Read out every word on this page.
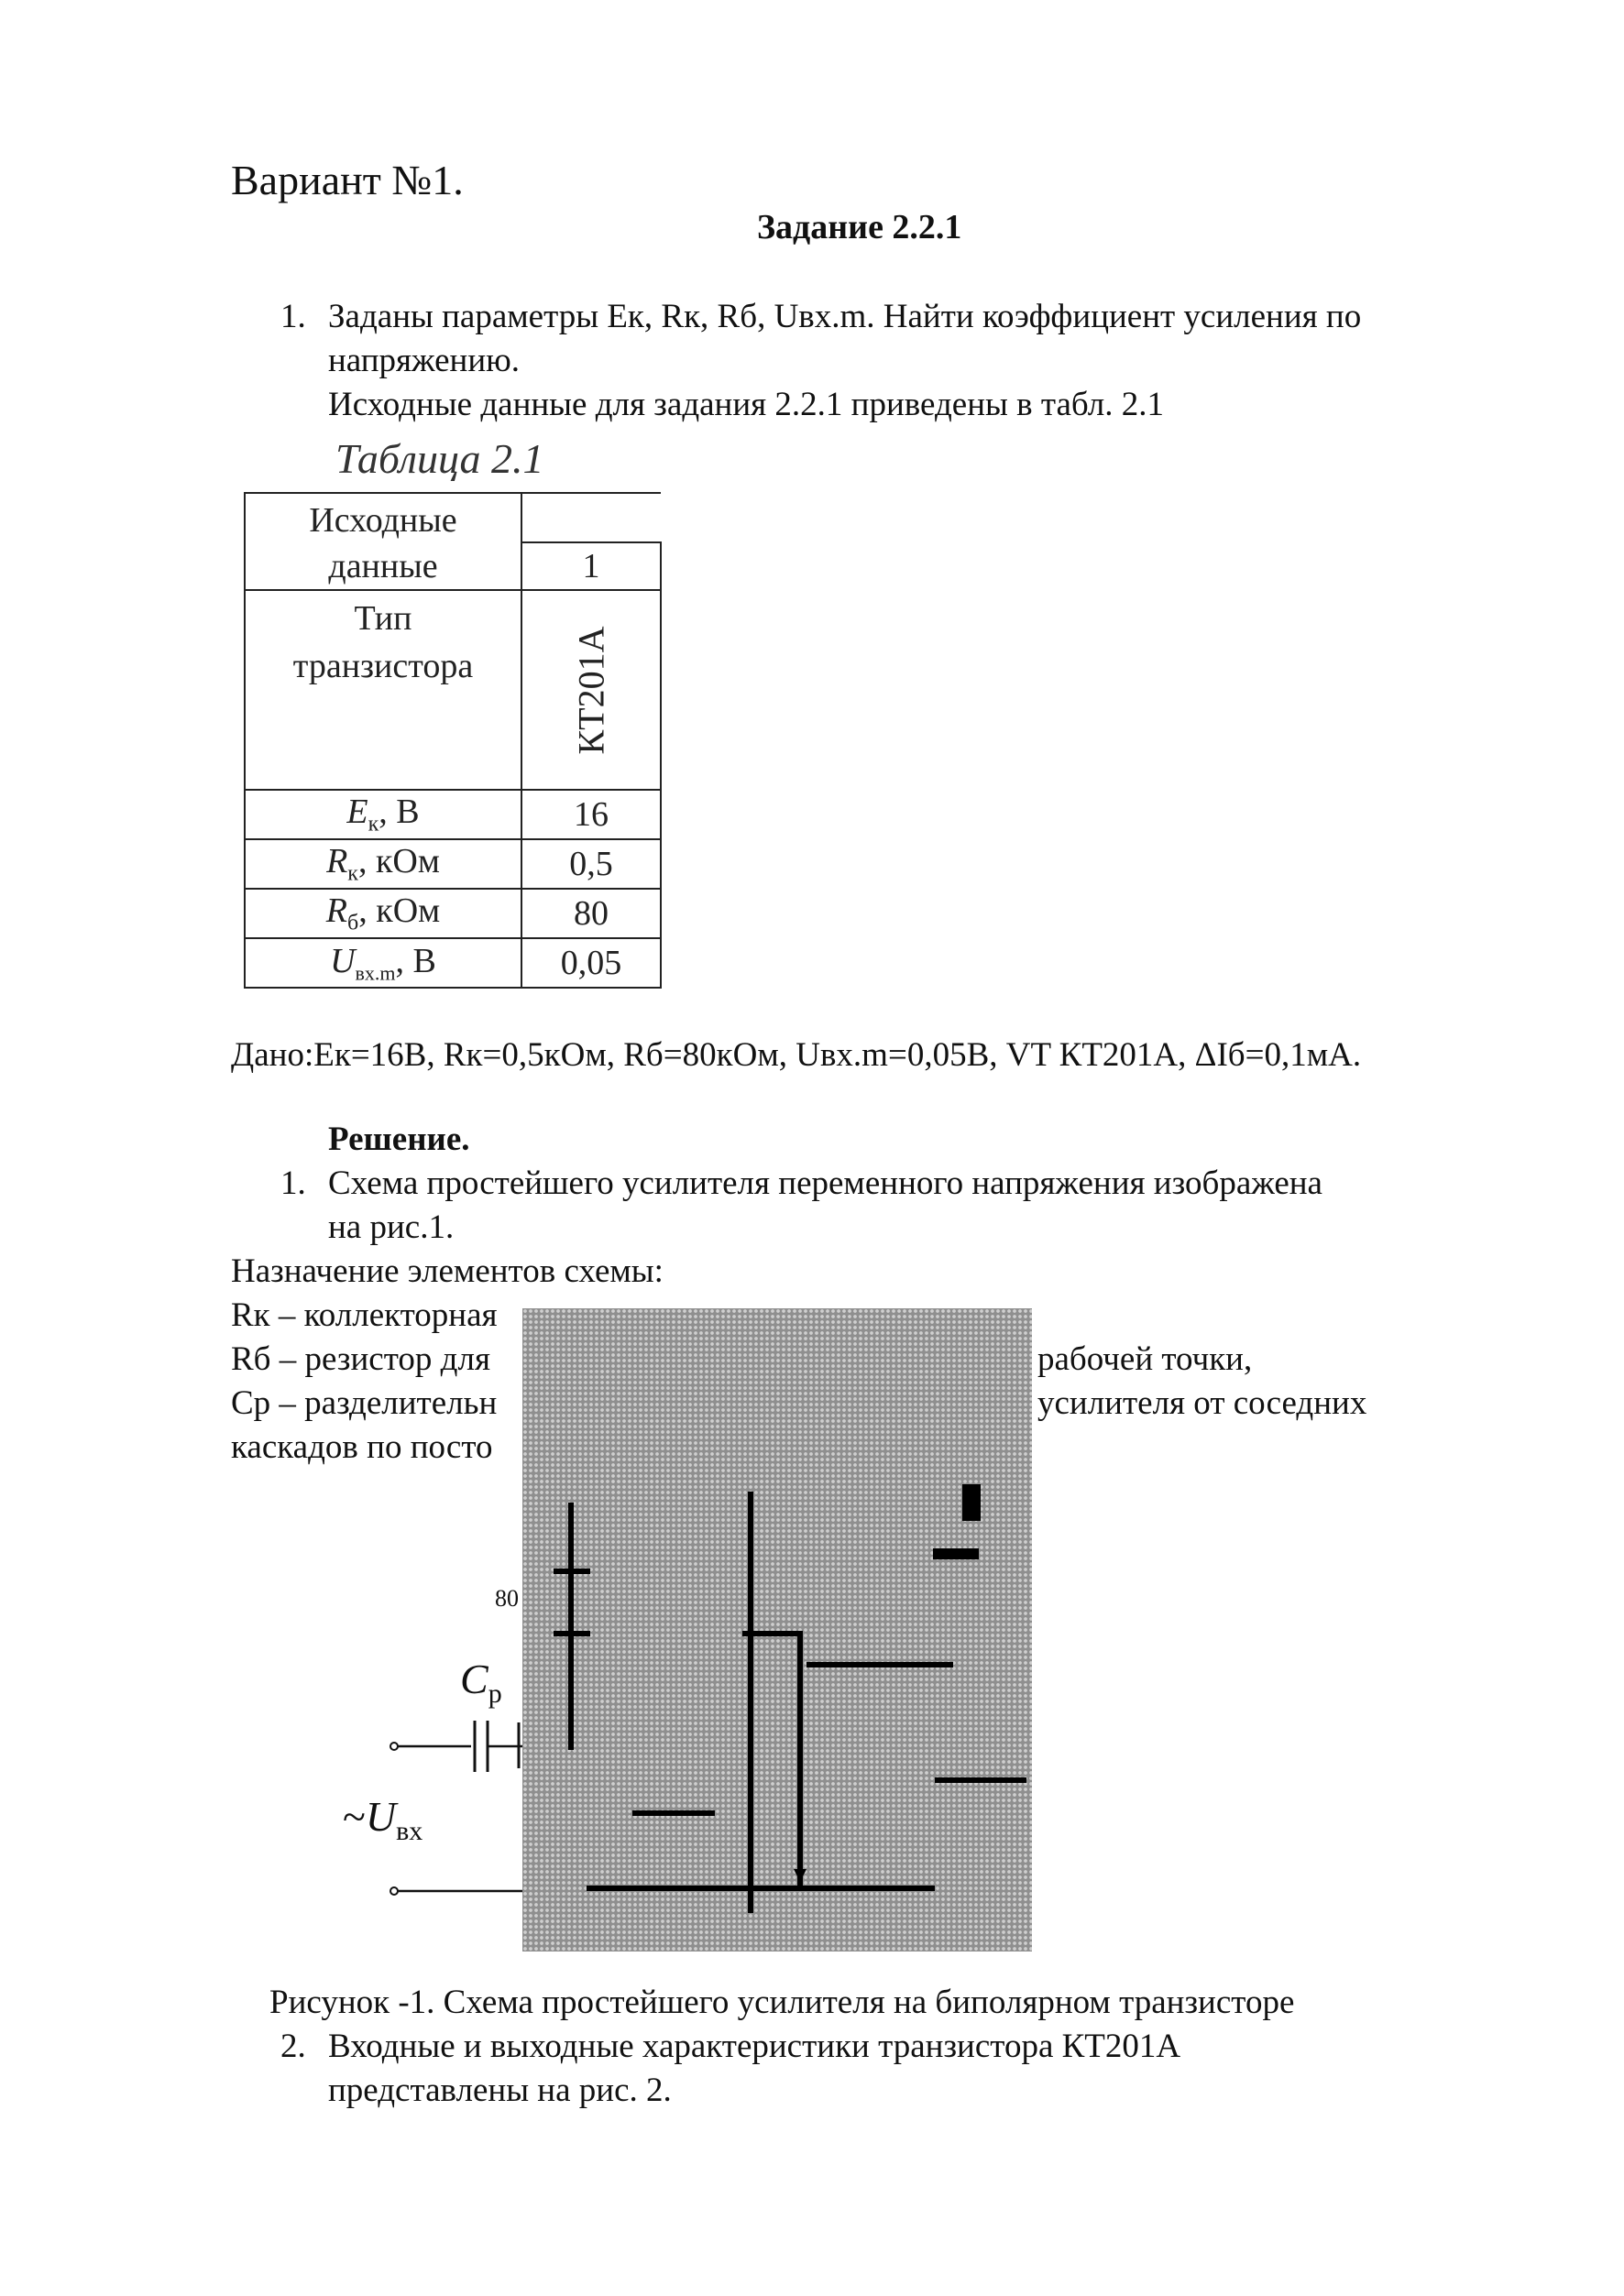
Вариант №1.
Задание 2.2.1
1. Заданы параметры Ек, Rк, Rб, Uвх.m. Найти коэффициент усиления по
напряжению.
Исходные данные для задания 2.2.1 приведены в табл. 2.1
Таблица 2.1
Исходные данные	
	1
Тип транзистора	КТ201А
$E_к$, В	16
$R_к$, кОм	0,5
$R_б$, кОм	80
$U_{вх.m}$, В	0,05
Дано:Ек=16В, Rк=0,5кОм, Rб=80кОм, Uвх.m=0,05В, VT КТ201А, ΔIб=0,1мА.
Решение.
1. Схема простейшего усилителя переменного напряжения изображена
на рис.1.
Назначение элементов схемы:
Rк – коллекторная
Rб – резистор для	рабочей точки,
Ср – разделительн	усилителя от соседних
каскадов по посто
80
$C_р$
$\sim U_{вх}$
Рисунок -1. Схема простейшего усилителя на биполярном транзисторе
2. Входные и выходные характеристики транзистора КТ201А
представлены на рис. 2.
